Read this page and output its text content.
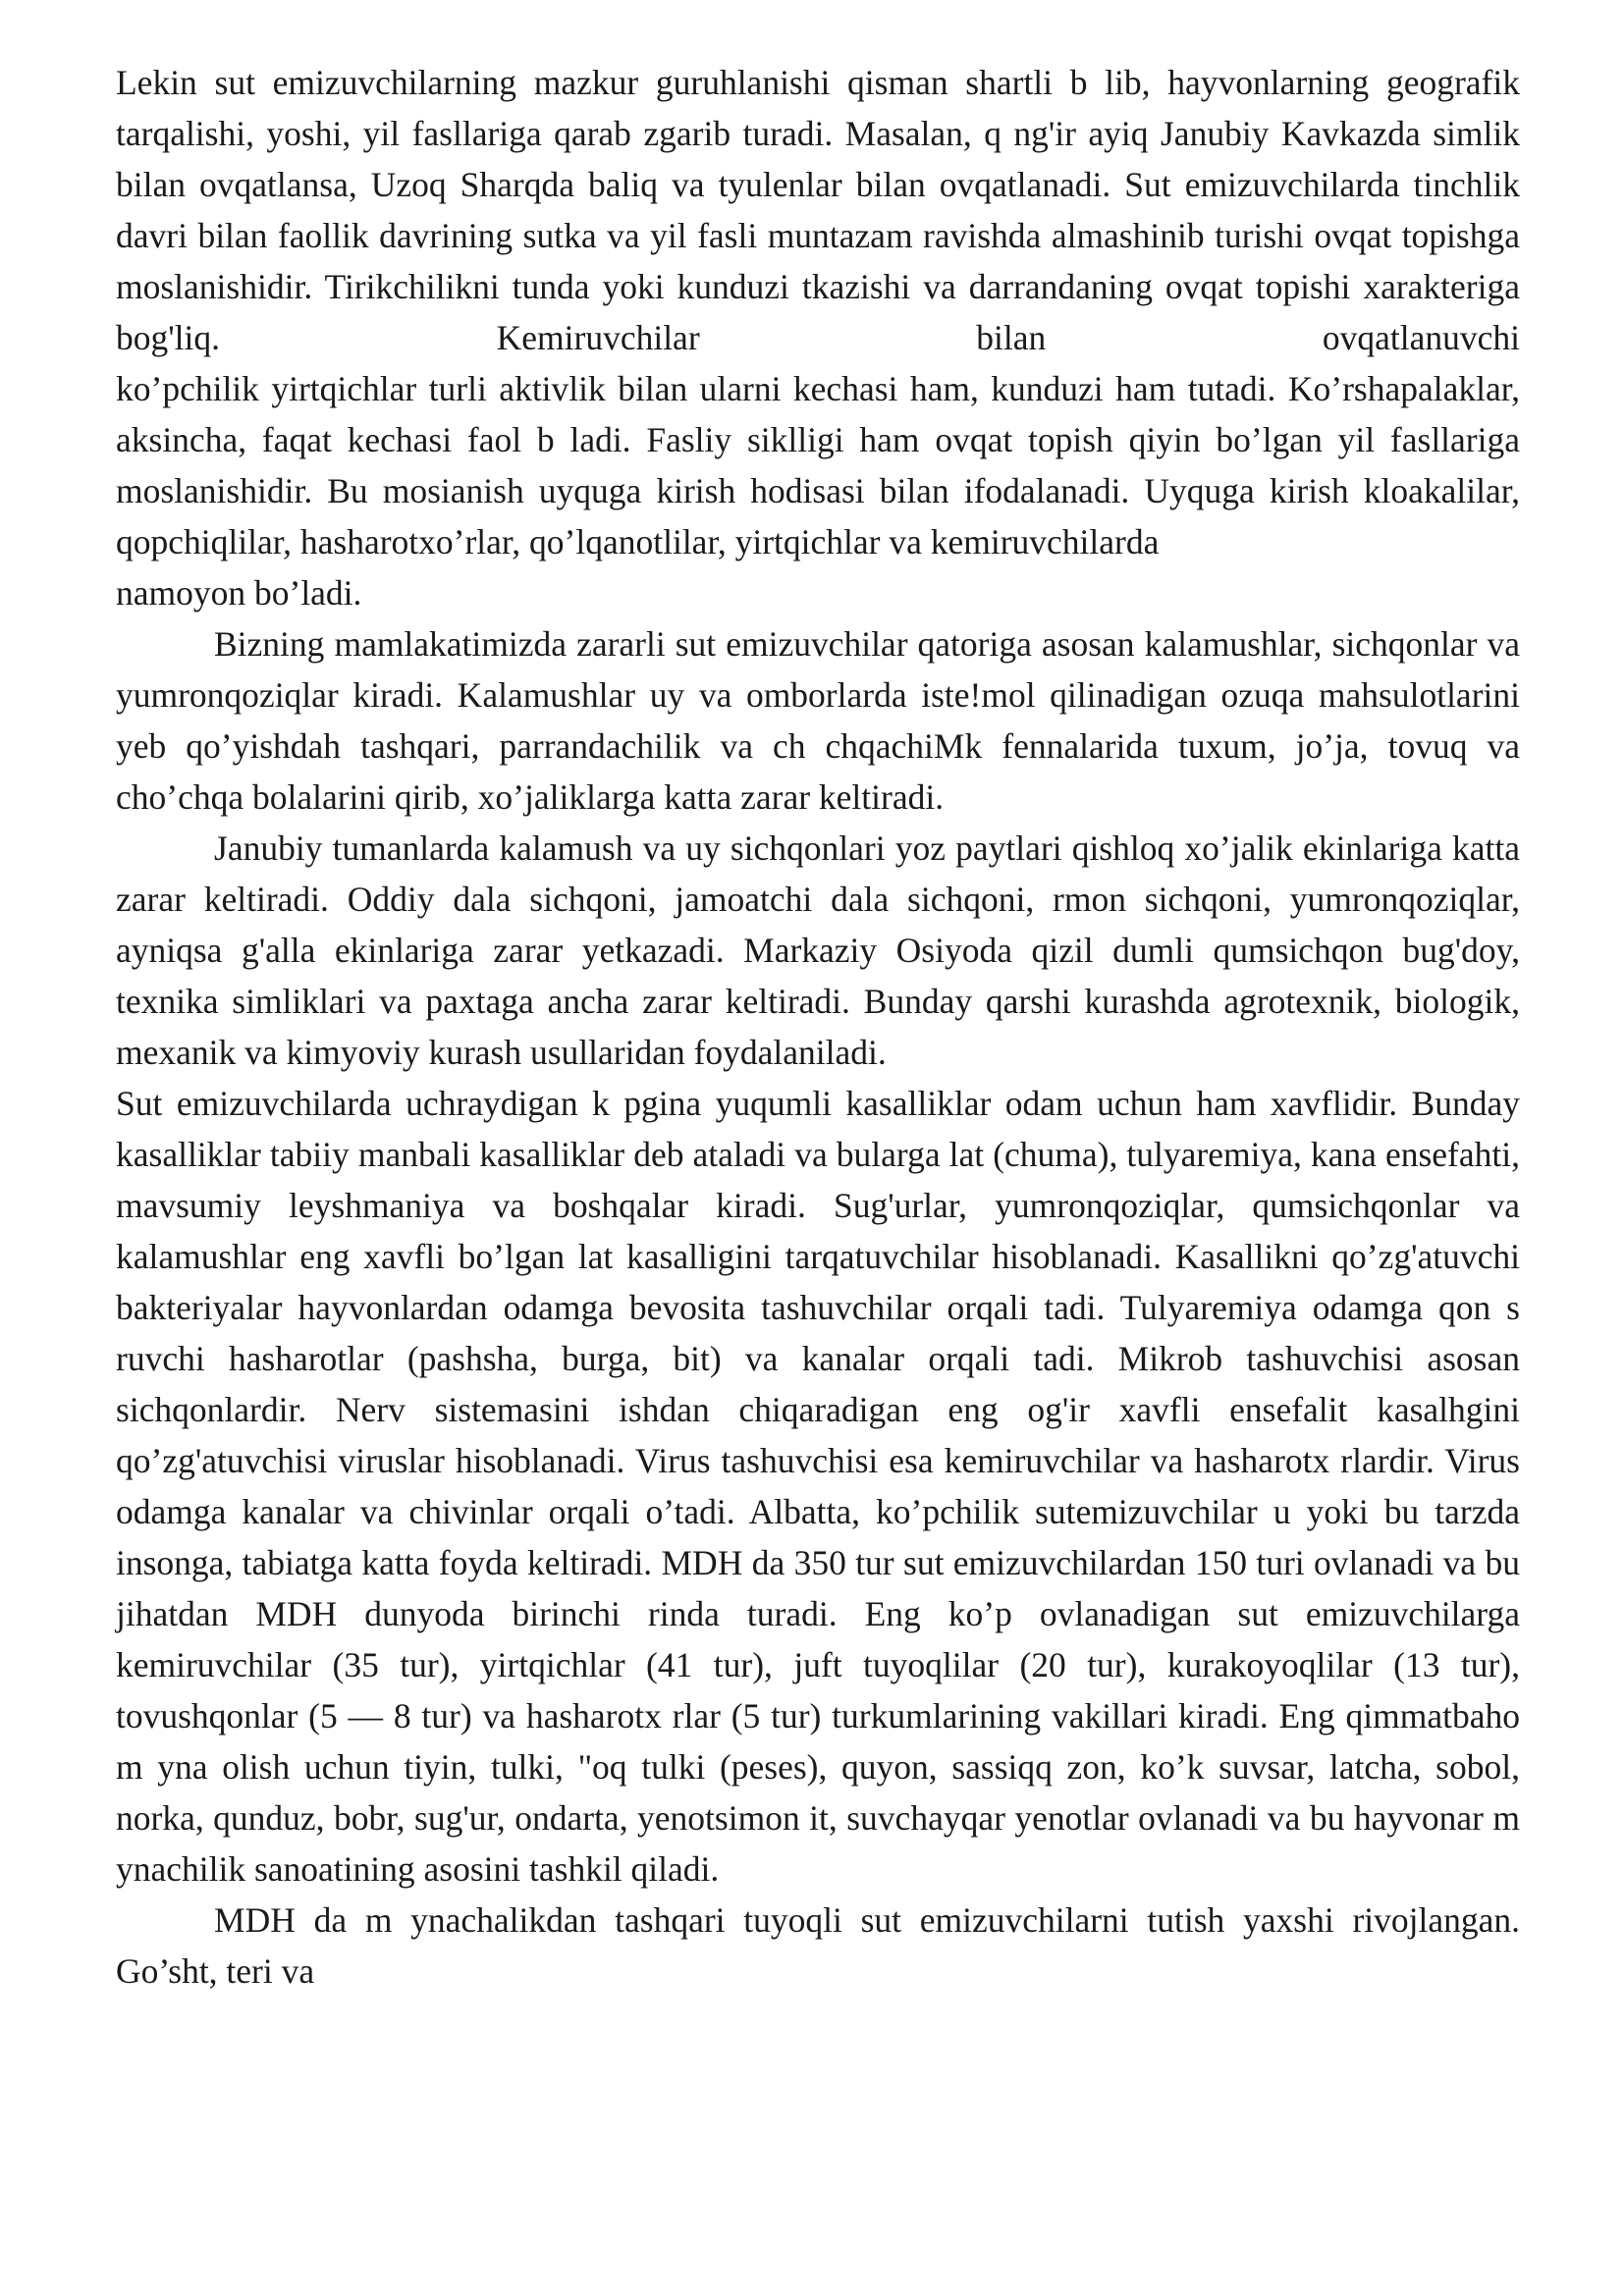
Lekin sut emizuvchilarning mazkur guruhlanishi qisman shartli b lib, hayvonlarning geografik tarqalishi, yoshi, yil fasllariga qarab zgarib turadi. Masalan, q ng'ir ayiq Janubiy Kavkazda simlik bilan ovqatlansa, Uzoq Sharqda baliq va tyulenlar bilan ovqatlanadi. Sut emizuvchilarda tinchlik davri bilan faollik davrining sutka va yil fasli muntazam ravishda almashinib turishi ovqat topishga moslanishidir. Tirikchilikni tunda yoki kunduzi tkazishi va darrandaning ovqat topishi xarakteriga bog'liq. Kemiruvchilar bilan ovqatlanuvchi

ko’pchilik yirtqichlar turli aktivlik bilan ularni kechasi ham, kunduzi ham tutadi. Ko’rshapalaklar, aksincha, faqat kechasi faol b ladi. Fasliy siklligi ham ovqat topish qiyin bo’lgan yil fasllariga moslanishidir. Bu mosianish uyquga kirish hodisasi bilan ifodalanadi. Uyquga kirish kloakalilar, qopchiqlilar, hasharotxo’rlar, qo’lqanotlilar, yirtqichlar va kemiruvchilarda

namoyon bo’ladi.

Bizning mamlakatimizda zararli sut emizuvchilar qatoriga asosan kalamushlar, sichqonlar va yumronqoziqlar kiradi. Kalamushlar uy va omborlarda iste!mol qilinadigan ozuqa mahsulotlarini yeb qo’yishdah tashqari, parrandachilik va ch chqachiMk fennalarida tuxum, jo’ja, tovuq va cho’chqa bolalarini qirib, xo’jaliklarga katta zarar keltiradi.

Janubiy tumanlarda kalamush va uy sichqonlari yoz paytlari qishloq xo’jalik ekinlariga katta zarar keltiradi. Oddiy dala sichqoni, jamoatchi dala sichqoni, rmon sichqoni, yumronqoziqlar, ayniqsa g'alla ekinlariga zarar yetkazadi. Markaziy Osiyoda qizil dumli qumsichqon bug'doy, texnika simliklari va paxtaga ancha zarar keltiradi. Bunday qarshi kurashda agrotexnik, biologik, mexanik va kimyoviy kurash usullaridan foydalaniladi.

Sut emizuvchilarda uchraydigan k pgina yuqumli kasalliklar odam uchun ham xavflidir. Bunday kasalliklar tabiiy manbali kasalliklar deb ataladi va bularga lat (chuma), tulyaremiya, kana ensefahti, mavsumiy leyshmaniya va boshqalar kiradi. Sug'urlar, yumronqoziqlar, qumsichqonlar va kalamushlar eng xavfli bo’lgan lat kasalligini tarqatuvchilar hisoblanadi. Kasallikni qo’zg'atuvchi bakteriyalar hayvonlardan odamga bevosita tashuvchilar orqali tadi. Tulyaremiya odamga qon s ruvchi hasharotlar (pashsha, burga, bit) va kanalar orqali tadi. Mikrob tashuvchisi asosan sichqonlardir. Nerv sistemasini ishdan chiqaradigan eng og'ir xavfli ensefalit kasalhgini qo’zg'atuvchisi viruslar hisoblanadi. Virus tashuvchisi esa kemiruvchilar va hasharotx rlardir. Virus odamga kanalar va chivinlar orqali o’tadi. Albatta, ko’pchilik sutemizuvchilar u yoki bu tarzda insonga, tabiatga katta foyda keltiradi. MDH da 350 tur sut emizuvchilardan 150 turi ovlanadi va bu jihatdan MDH dunyoda birinchi rinda turadi. Eng ko’p ovlanadigan sut emizuvchilarga kemiruvchilar (35 tur), yirtqichlar (41 tur), juft tuyoqlilar (20 tur), kurakoyoqlilar (13 tur), tovushqonlar (5 — 8 tur) va hasharotx rlar (5 tur) turkumlarining vakillari kiradi. Eng qimmatbaho m yna olish uchun tiyin, tulki, "oq tulki (peses), quyon, sassiqq zon, ko’k suvsar, latcha, sobol, norka, qunduz, bobr, sug'ur, ondarta, yenotsimon it, suvchayqar yenotlar ovlanadi va bu hayvonar m ynachilik sanoatining asosini tashkil qiladi.

MDH da m ynachalikdan tashqari tuyoqli sut emizuvchilarni tutish yaxshi rivojlangan. Go’sht, teri va
